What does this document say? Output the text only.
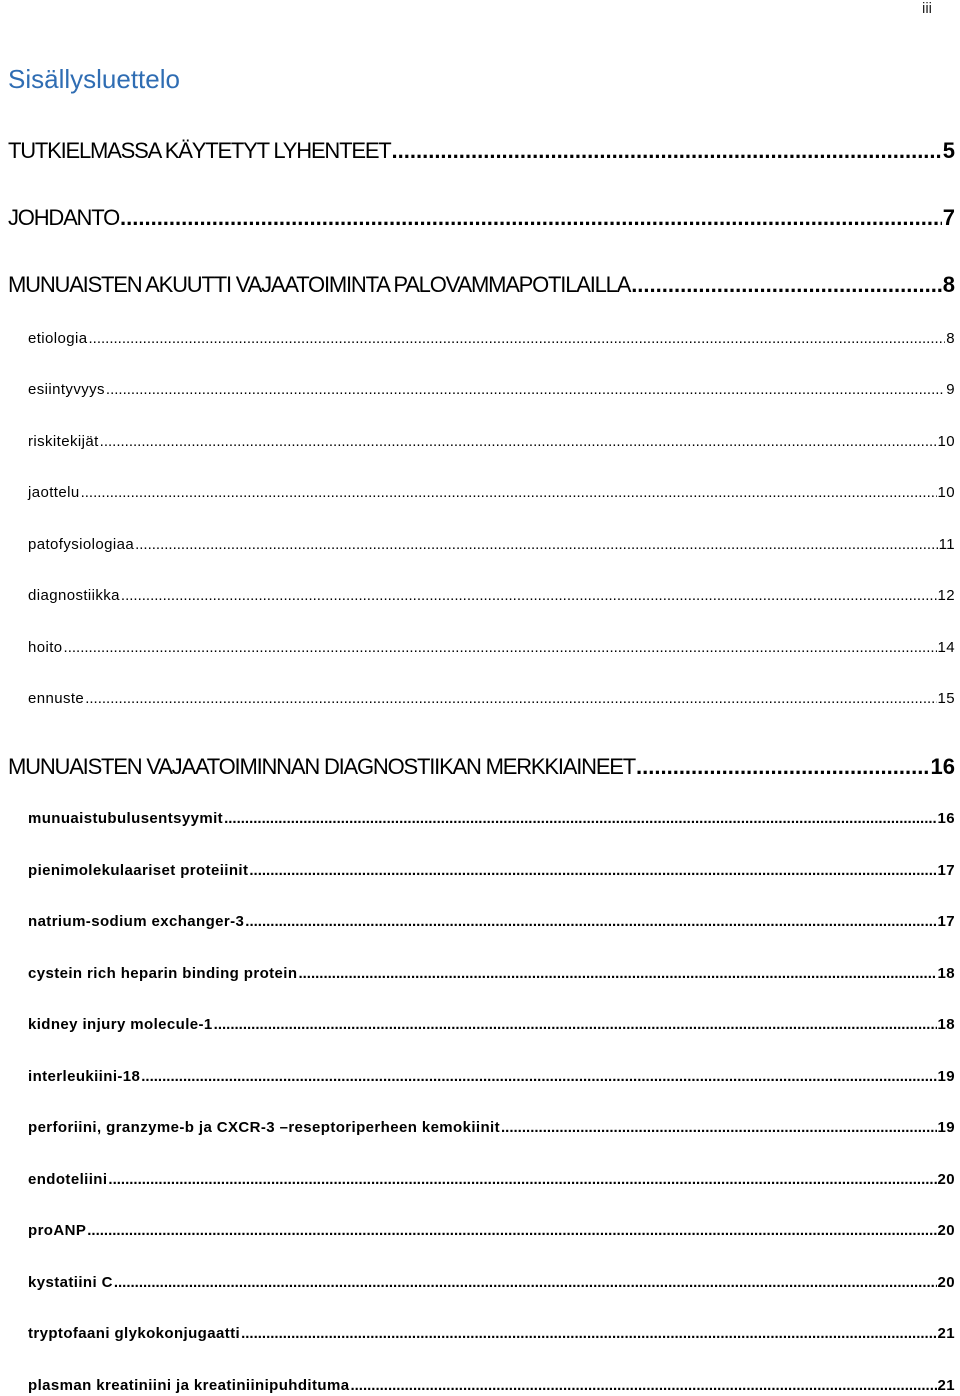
iii
Sisällysluettelo
TUTKIELMASSA KÄYTETYT LYHENTEET .....	5
JOHDANTO .....	7
MUNUAISTEN AKUUTTI VAJAATOIMINTA PALOVAMMAPOTILAILLA .....	8
etiologia .....	8
esiintyvyys .....	9
riskitekijät .....	10
jaottelu .....	10
patofysiologiaa .....	11
diagnostiikka .....	12
hoito .....	14
ennuste .....	15
MUNUAISTEN VAJAATOIMINNAN DIAGNOSTIIKAN MERKKIAINEET .....	16
munuaistubulusentsyymit .....	16
pienimolekulaariset proteiinit .....	17
natrium-sodium exchanger-3 .....	17
cystein rich heparin binding protein .....	18
kidney injury molecule-1 .....	18
interleukiini-18 .....	19
perforiini, granzyme-b ja CXCR-3 –reseptoriperheen kemokiinit .....	19
endoteliini .....	20
proANP .....	20
kystatiini C .....	20
tryptofaani glykokonjugaatti .....	21
plasman kreatiniini ja kreatiniinipuhdituma .....	21
